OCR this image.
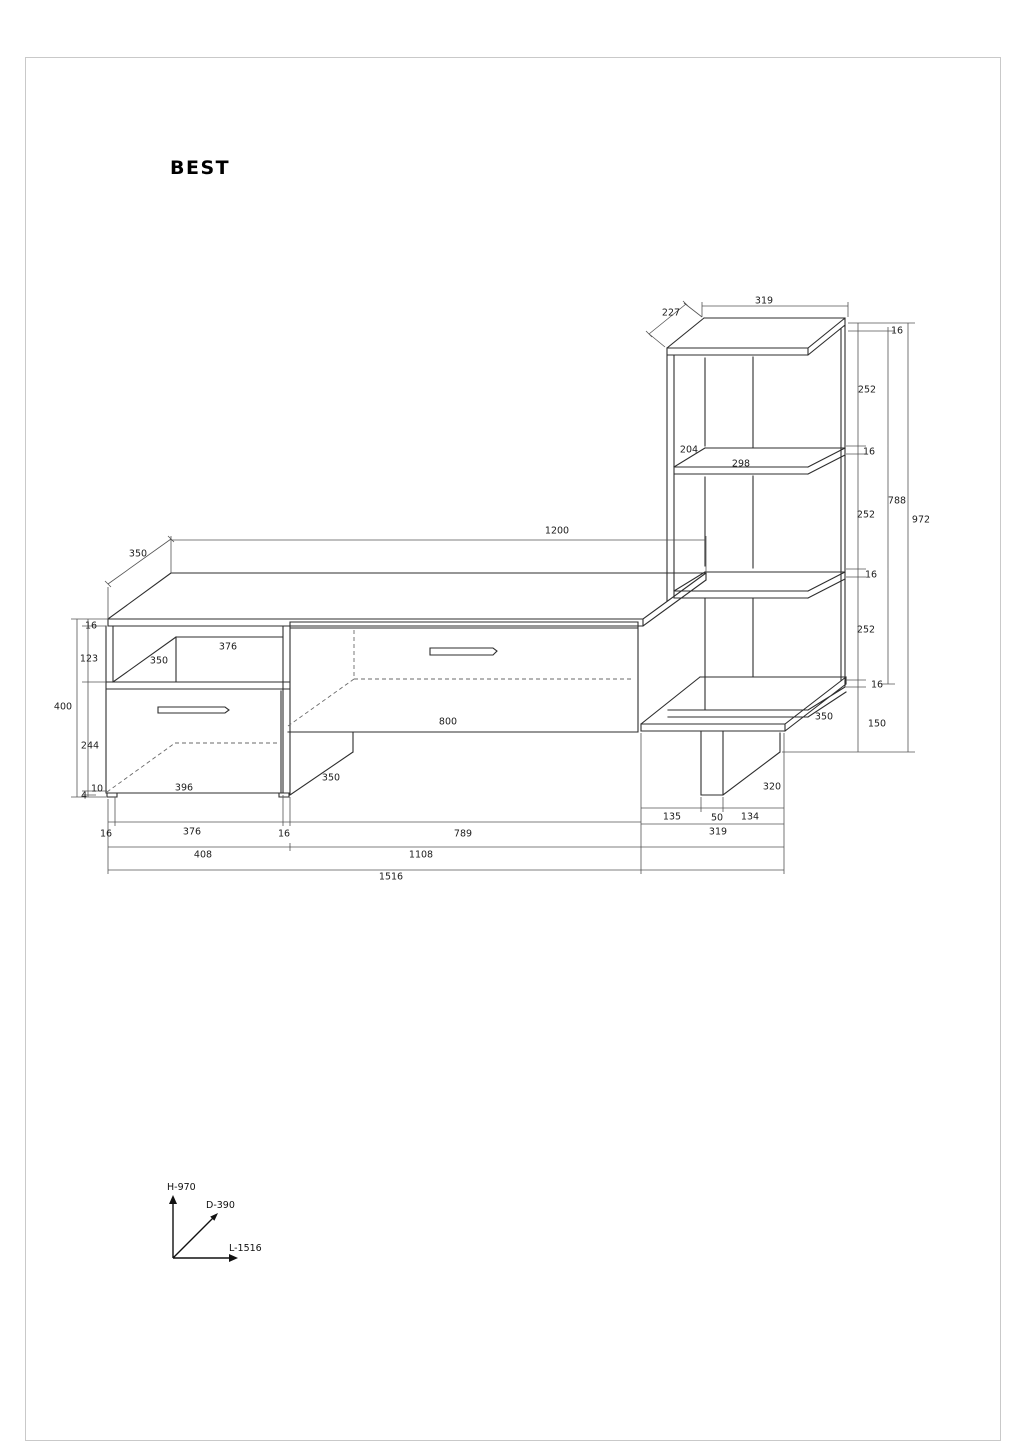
BEST
319
227
16
252
204
298
16
788
252	972
1200
350
16
16	252
376
350
123
16
400
800	350
150
244
350
320
10
4
396
135	50 134
16	376	16	789	319
408	1108
1516
H-970
D-390
L-1516
